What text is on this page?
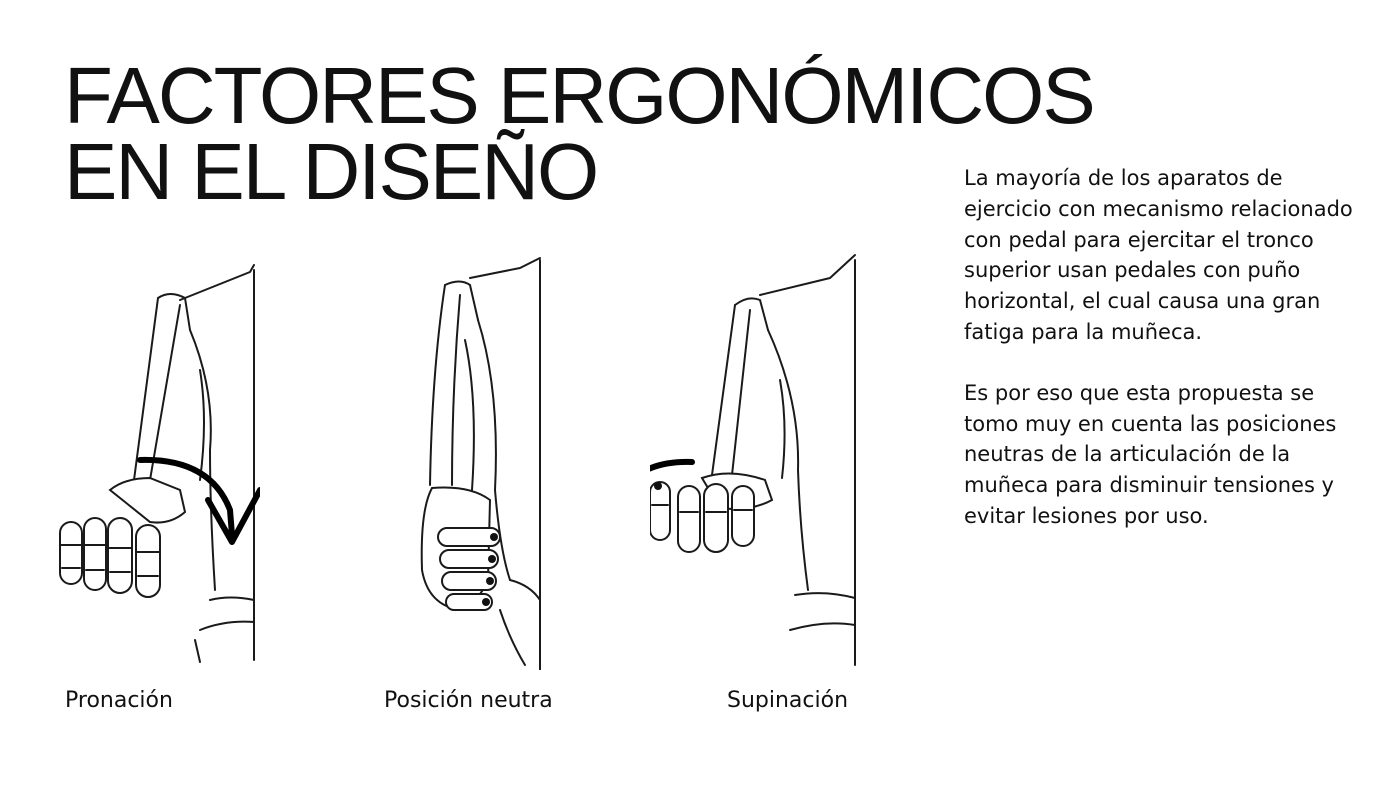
FACTORES ERGONÓMICOS
EN EL DISEÑO	La mayoría de los aparatos de ejercicio con mecanismo relacionado con pedal para ejercitar el tronco superior usan pedales con puño horizontal, el cual causa una gran fatiga para la muñeca.

Es por eso que esta propuesta se tomo muy en cuenta las posiciones neutras de la articulación de la muñeca para disminuir tensiones y evitar lesiones por uso.

Pronación	Posición neutra	Supinación
